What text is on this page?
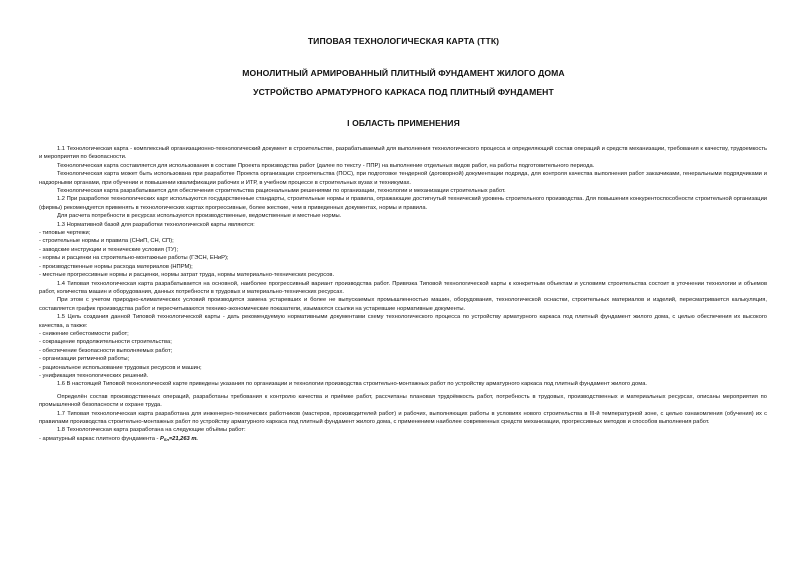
ТИПОВАЯ ТЕХНОЛОГИЧЕСКАЯ КАРТА (ТТК)
МОНОЛИТНЫЙ АРМИРОВАННЫЙ ПЛИТНЫЙ ФУНДАМЕНТ ЖИЛОГО ДОМА
УСТРОЙСТВО АРМАТУРНОГО КАРКАСА ПОД ПЛИТНЫЙ ФУНДАМЕНТ
I ОБЛАСТЬ ПРИМЕНЕНИЯ

1.1 Технологическая карта - комплексный организационно-технологический документ в строительстве, разрабатываемый для выполнения технологического процесса и определяющий состав операций и средств механизации, требования к качеству, трудоемкость и мероприятия по безопасности.

Технологическая карта составляется для использования в составе Проекта производства работ (далее по тексту - ППР) на выполнение отдельных видов работ, на работы подготовительного периода.

Технологическая карта может быть использована при разработке Проекта организации строительства (ПОС), при подготовке тендерной (договорной) документации подряда, для контроля качества выполнения работ заказчиками, генеральными подрядчиками и надзорными органами, при обучении и повышении квалификации рабочих и ИТР, в учебном процессе в строительных вузах и техникумах.

Технологическая карта разрабатывается для обеспечения строительства рациональными решениями по организации, технологии и механизации строительных работ.

1.2 При разработке технологических карт используются государственные стандарты, строительные нормы и правила, отражающие достигнутый технический уровень строительного производства. Для повышения конкурентоспособности строительной организации (фирмы) рекомендуется применять в технологических картах прогрессивные, более жесткие, чем в приведенных документах, нормы и правила.

Для расчета потребности в ресурсах используются производственные, ведомственные и местные нормы.

1.3 Нормативной базой для разработки технологической карты являются:

- типовые чертежи;
- строительные нормы и правила (СНиП, СН, СП);
- заводские инструкции и технические условия (ТУ);
- нормы и расценки на строительно-монтажные работы (ГЭСН, ЕНиР);
- производственные нормы расхода материалов (НПРМ);
- местные прогрессивные нормы и расценки, нормы затрат труда, нормы материально-технических ресурсов.

1.4 Типовая технологическая карта разрабатывается на основной, наиболее прогрессивный вариант производства работ. Привязка Типовой технологической карты к конкретным объектам и условиям строительства состоит в уточнении технологии и объемов работ, количества машин и оборудования, данных потребности в трудовых и материально-технических ресурсах.

При этом с учетом природно-климатических условий производится замена устаревших и более не выпускаемых промышленностью машин, оборудования, технологической оснастки, строительных материалов и изделий, пересматривается калькуляция, составляется график производства работ и пересчитываются технико-экономические показатели, изымаются ссылки на устаревшие нормативные документы.

1.5 Цель создания данной Типовой технологической карты - дать рекомендуемую нормативными документами схему технологического процесса по устройству арматурного каркаса под плитный фундамент жилого дома, с целью обеспечения их высокого качества, а также:

- снижение себестоимости работ;
- сокращение продолжительности строительства;
- обеспечение безопасности выполняемых работ;
- организации ритмичной работы;
- рациональное использование трудовых ресурсов и машин;
- унификация технологических решений.

1.6 В настоящей Типовой технологической карте приведены указания по организации и технологии производства строительно-монтажных работ по устройству арматурного каркаса под плитный фундамент жилого дома.

Определён состав производственных операций, разработаны требования к контролю качества и приёмке работ, рассчитаны плановая трудоёмкость работ, потребность в трудовых, производственных и материальных ресурсах, описаны мероприятия по промышленной безопасности и охране труда.

1.7 Типовая технологическая карта разработана для инженерно-технических работников (мастеров, производителей работ) и рабочих, выполняющих работы в условиях нового строительства в III-й температурной зоне, с целью ознакомления (обучения) их с правилами производства строительно-монтажных работ по устройству арматурного каркаса под плитный фундамент жилого дома, с применением наиболее современных средств механизации, прогрессивных методов и способов выполнения работ.

1.8 Технологическая карта разработана на следующие объёмы работ:

- арматурный каркас плитного фундамента - $Р_{бл}=21,263$ т.
